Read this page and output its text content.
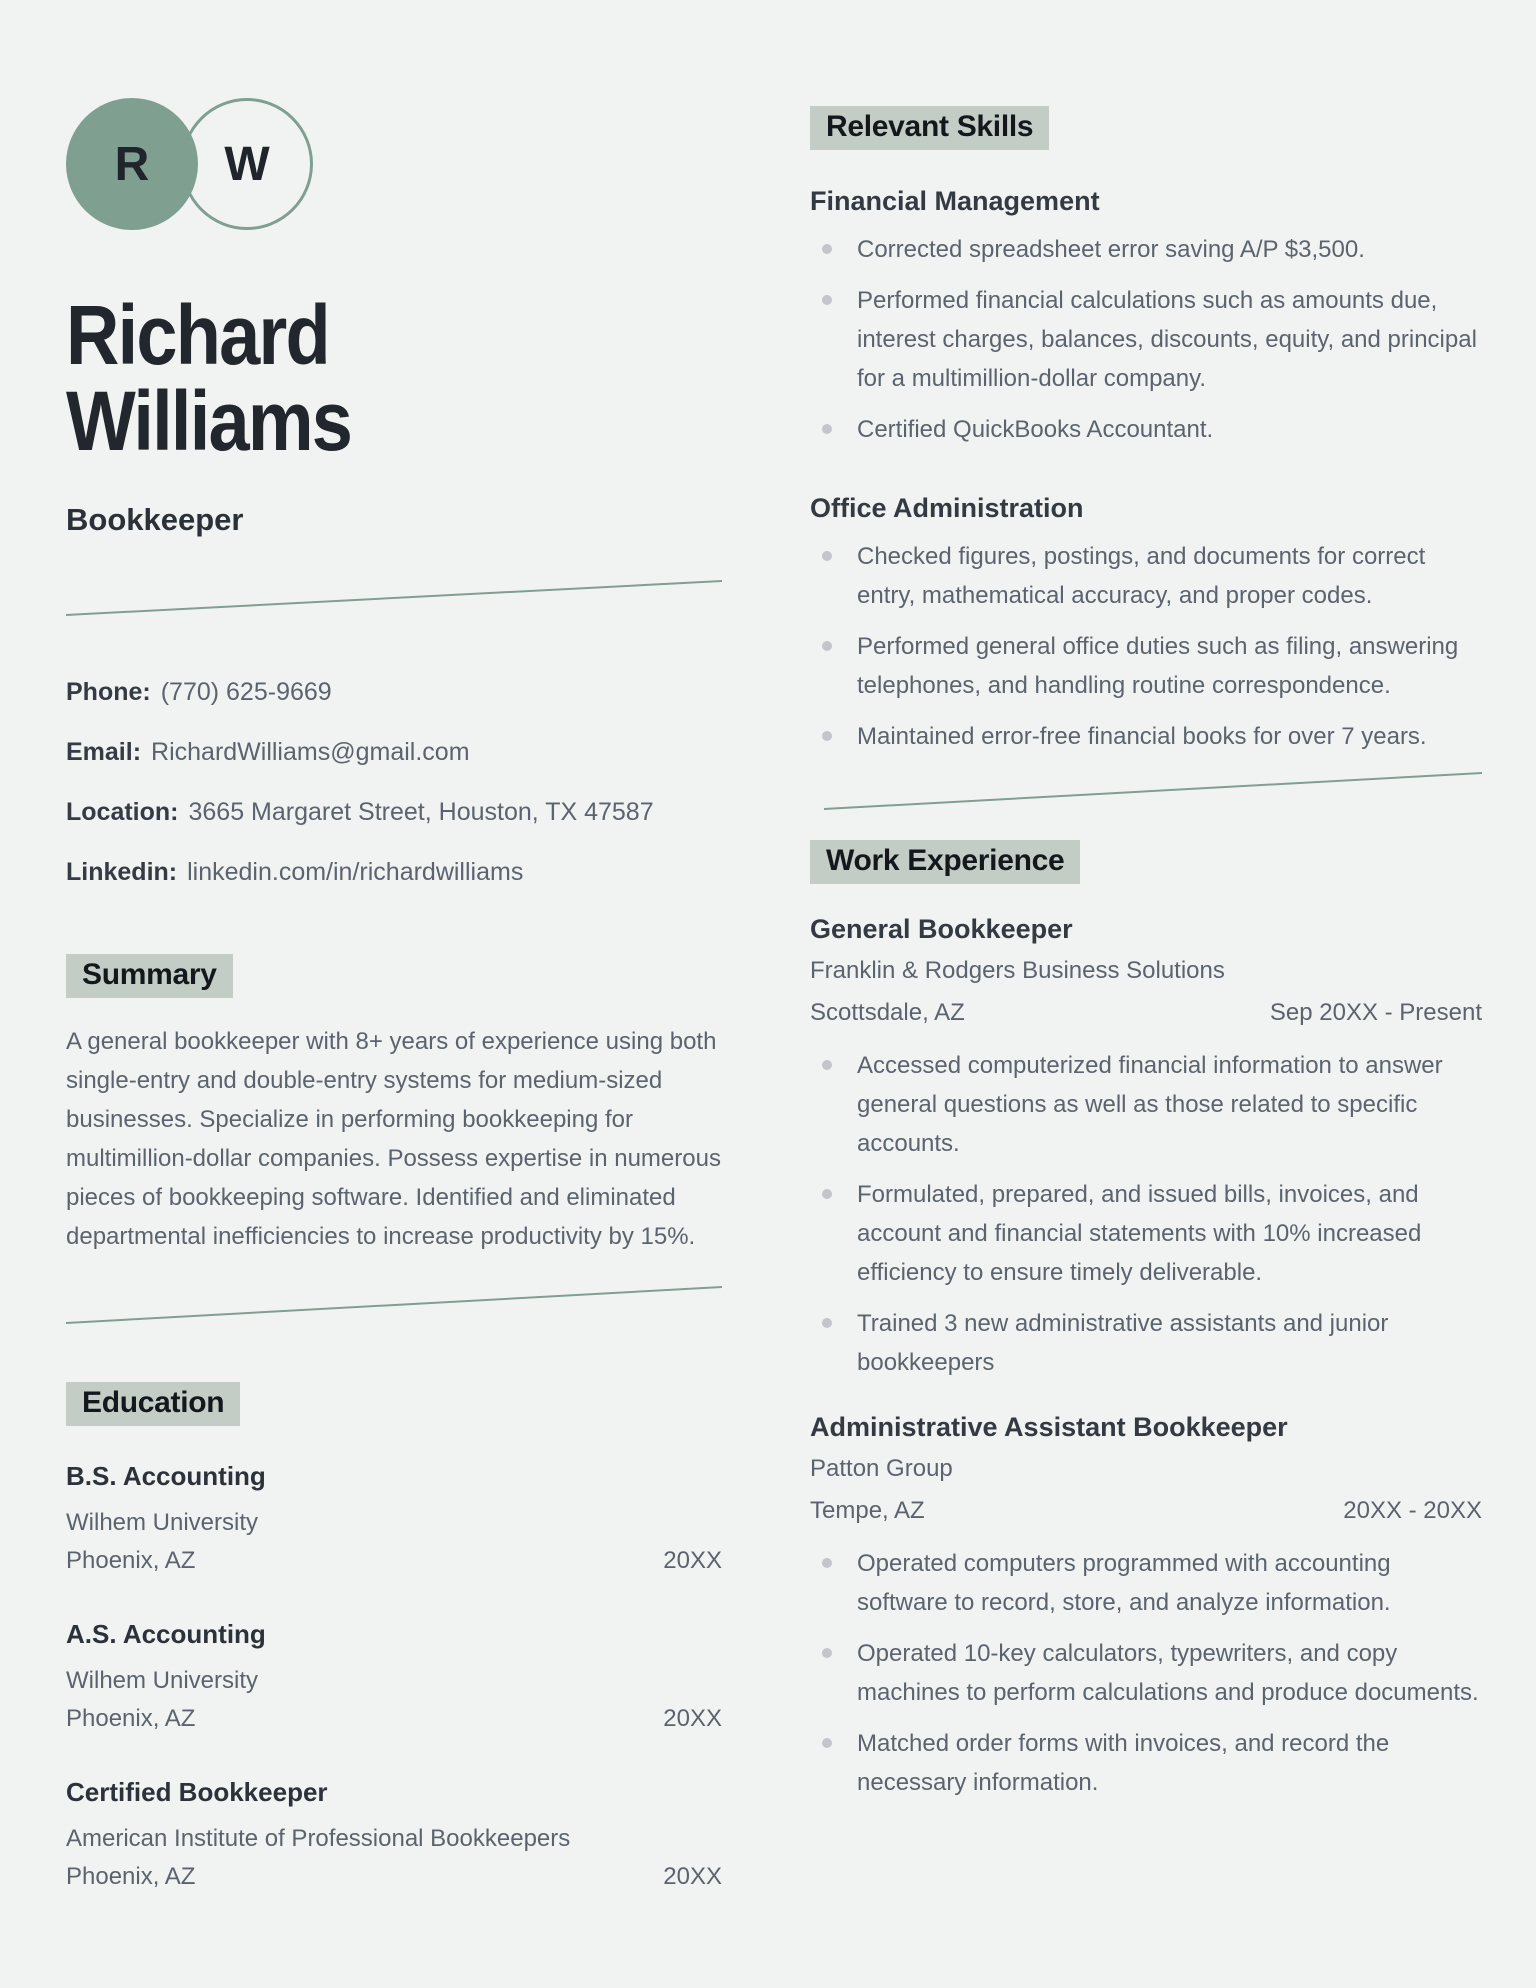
R W
Richard
Williams
Bookkeeper
Phone: (770) 625-9669
Email: RichardWilliams@gmail.com
Location: 3665 Margaret Street, Houston, TX 47587
Linkedin: linkedin.com/in/richardwilliams
Summary

A general bookkeeper with 8+ years of experience using both single-entry and double-entry systems for medium-sized businesses. Specialize in performing bookkeeping for multimillion-dollar companies. Possess expertise in numerous pieces of bookkeeping software. Identified and eliminated departmental inefficiencies to increase productivity by 15%.

Education
B.S. Accounting
Wilhem University
Phoenix, AZ	20XX
A.S. Accounting
Wilhem University
Phoenix, AZ	20XX
Certified Bookkeeper
American Institute of Professional Bookkeepers
Phoenix, AZ	20XX
Relevant Skills
Financial Management
Corrected spreadsheet error saving A/P $3,500.
Performed financial calculations such as amounts due, interest charges, balances, discounts, equity, and principal for a multimillion-dollar company.
Certified QuickBooks Accountant.
Office Administration
Checked figures, postings, and documents for correct entry, mathematical accuracy, and proper codes.
Performed general office duties such as filing, answering telephones, and handling routine correspondence.
Maintained error-free financial books for over 7 years.
Work Experience
General Bookkeeper
Franklin & Rodgers Business Solutions
Scottsdale, AZ	Sep 20XX - Present
Accessed computerized financial information to answer general questions as well as those related to specific accounts.
Formulated, prepared, and issued bills, invoices, and account and financial statements with 10% increased efficiency to ensure timely deliverable.
Trained 3 new administrative assistants and junior bookkeepers
Administrative Assistant Bookkeeper
Patton Group
Tempe, AZ	20XX - 20XX
Operated computers programmed with accounting software to record, store, and analyze information.
Operated 10-key calculators, typewriters, and copy machines to perform calculations and produce documents.
Matched order forms with invoices, and record the necessary information.
